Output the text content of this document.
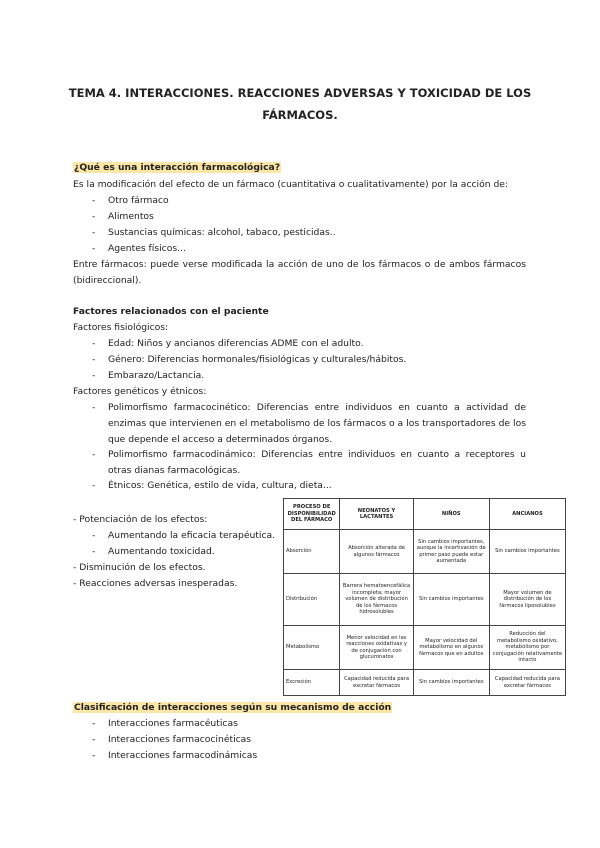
TEMA 4. INTERACCIONES. REACCIONES ADVERSAS Y TOXICIDAD DE LOS
FÁRMACOS.
¿Qué es una interacción farmacológica?
Es la modificación del efecto de un fármaco (cuantitativa o cualitativamente) por la acción de:
- Otro fármaco
- Alimentos
- Sustancias químicas: alcohol, tabaco, pesticidas..
- Agentes físicos...
Entre fármacos: puede verse modificada la acción de uno de los fármacos o de ambos fármacos (bidireccional).
Factores relacionados con el paciente
Factores fisiológicos:
- Edad: Niños y ancianos diferencias ADME con el adulto.
- Género: Diferencias hormonales/fisiológicas y culturales/hábitos.
- Embarazo/Lactancia.
Factores genéticos y étnicos:
- Polimorfismo farmacocinético: Diferencias entre individuos en cuanto a actividad de enzimas que intervienen en el metabolismo de los fármacos o a los transportadores de los que depende el acceso a determinados órganos.
- Polimorfismo farmacodinámico: Diferencias entre individuos en cuanto a receptores u otras dianas farmacológicas.
- Étnicos: Genética, estilo de vida, cultura, dieta...
- Potenciación de los efectos:
- Aumentando la eficacia terapéutica.
- Aumentando toxicidad.
- Disminución de los efectos.
- Reacciones adversas inesperadas.
PROCESO DE DISPONIBILIDAD DEL FÁRMACO	NEONATOS Y LACTANTES	NIÑOS	ANCIANOS
Absorción	Absorción alterada de algunos fármacos	Sin cambios importantes, aunque la incertivación de primer paso puede estar aumentada	Sin cambios importantes
Distribución	Barrera hematoencefálica incompleta; mayor volumen de distribución de los fármacos hidrosolubles	Sin cambios importantes	Mayor volumen de distribución de los fármacos liposolubles
Metabolismo	Menor velocidad en las reacciones oxidativas y de conjugación con glucuronatos	Mayor velocidad del metabolismo en algunos fármacos que en adultos	Reducción del metabolismo oxidativo, metabolismo por conjugación relativamente intacto
Excreción	Capacidad reducida para excretar fármacos	Sin cambios importantes	Capacidad reducida para excretar fármacos
Clasificación de interacciones según su mecanismo de acción
- Interacciones farmacéuticas
- Interacciones farmacocinéticas
- Interacciones farmacodinámicas
